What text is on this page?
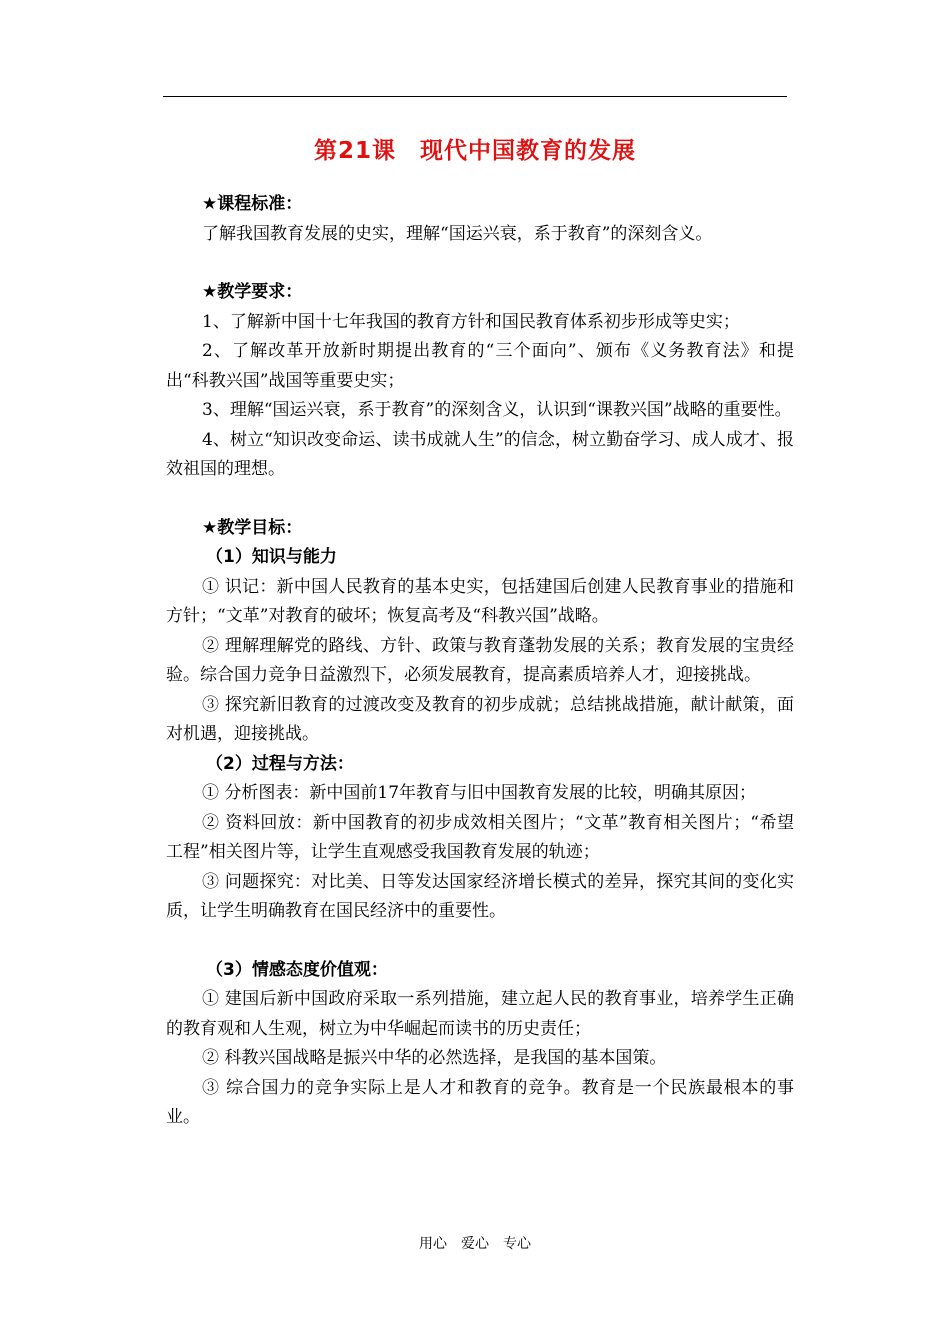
第21课　现代中国教育的发展
★课程标准：
了解我国教育发展的史实，理解“国运兴衰，系于教育”的深刻含义。
★教学要求：
1、了解新中国十七年我国的教育方针和国民教育体系初步形成等史实；
2、了解改革开放新时期提出教育的“三个面向”、颁布《义务教育法》和提出“科教兴国”战国等重要史实；
3、理解“国运兴衰，系于教育”的深刻含义，认识到“课教兴国”战略的重要性。
4、树立“知识改变命运、读书成就人生”的信念，树立勤奋学习、成人成才、报效祖国的理想。
★教学目标：
（1）知识与能力
① 识记：新中国人民教育的基本史实，包括建国后创建人民教育事业的措施和方针；“文革”对教育的破坏；恢复高考及“科教兴国”战略。
② 理解理解党的路线、方针、政策与教育蓬勃发展的关系；教育发展的宝贵经验。综合国力竞争日益激烈下，必须发展教育，提高素质培养人才，迎接挑战。
③ 探究新旧教育的过渡改变及教育的初步成就；总结挑战措施，献计献策，面对机遇，迎接挑战。
（2）过程与方法：
① 分析图表：新中国前17年教育与旧中国教育发展的比较，明确其原因；
② 资料回放：新中国教育的初步成效相关图片；“文革”教育相关图片；“希望工程”相关图片等，让学生直观感受我国教育发展的轨迹；
③ 问题探究：对比美、日等发达国家经济增长模式的差异，探究其间的变化实质，让学生明确教育在国民经济中的重要性。
（3）情感态度价值观：
① 建国后新中国政府采取一系列措施，建立起人民的教育事业，培养学生正确的教育观和人生观，树立为中华崛起而读书的历史责任；
② 科教兴国战略是振兴中华的必然选择，是我国的基本国策。
③ 综合国力的竞争实际上是人才和教育的竞争。教育是一个民族最根本的事业。
用心　爱心　专心
